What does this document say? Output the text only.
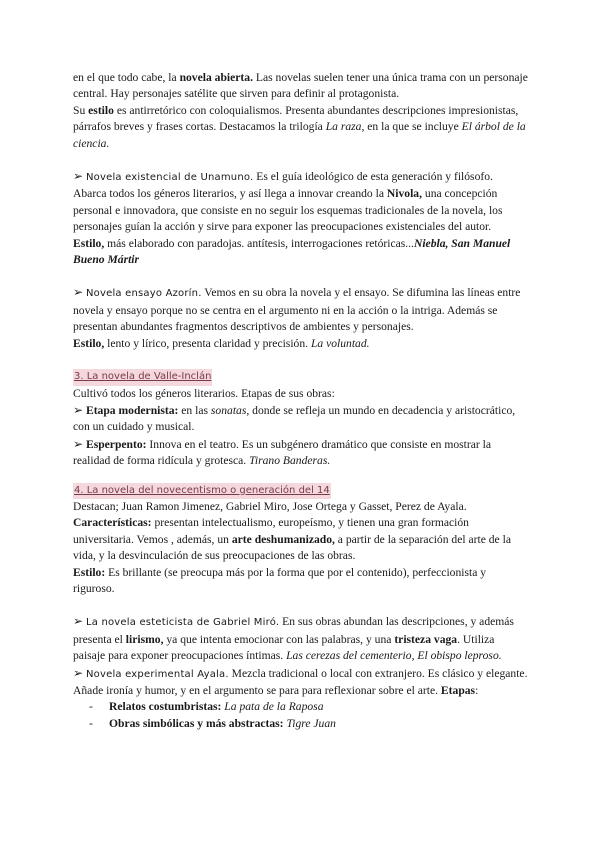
en el que todo cabe, la novela abierta. Las novelas suelen tener una única trama con un personaje central. Hay personajes satélite que sirven para definir al protagonista.
Su estilo es antirretórico con coloquialismos. Presenta abundantes descripciones impresionistas, párrafos breves y frases cortas. Destacamos la trilogía La raza, en la que se incluye El árbol de la ciencia.

➢ Novela existencial de Unamuno. Es el guía ideológico de esta generación y filósofo. Abarca todos los géneros literarios, y así llega a innovar creando la Nivola, una concepción personal e innovadora, que consiste en no seguir los esquemas tradicionales de la novela, los personajes guían la acción y sirve para exponer las preocupaciones existenciales del autor.
Estilo, más elaborado con paradojas. antítesis, interrogaciones retóricas...Niebla, San Manuel Bueno Mártir

➢ Novela ensayo Azorín. Vemos en su obra la novela y el ensayo. Se difumina las líneas entre novela y ensayo porque no se centra en el argumento ni en la acción o la intriga. Además se presentan abundantes fragmentos descriptivos de ambientes y personajes.
Estilo, lento y lírico, presenta claridad y precisión. La voluntad.

3. La novela de Valle-Inclán
Cultivó todos los géneros literarios. Etapas de sus obras:
➢ Etapa modernista: en las sonatas, donde se refleja un mundo en decadencia y aristocrático, con un cuidado y musical.
➢ Esperpento: Innova en el teatro. Es un subgénero dramático que consiste en mostrar la realidad de forma ridícula y grotesca. Tirano Banderas.

4. La novela del novecentismo o generación del 14
Destacan; Juan Ramon Jimenez, Gabriel Miro, Jose Ortega y Gasset, Perez de Ayala.
Características: presentan intelectualismo, europeísmo, y tienen una gran formación universitaria. Vemos , además, un arte deshumanizado, a partir de la separación del arte de la vida, y la desvinculación de sus preocupaciones de las obras.
Estilo: Es brillante (se preocupa más por la forma que por el contenido), perfeccionista y riguroso.

➢ La novela esteticista de Gabriel Miró. En sus obras abundan las descripciones, y además presenta el lirismo, ya que intenta emocionar con las palabras, y una tristeza vaga. Utiliza paisaje para exponer preocupaciones íntimas. Las cerezas del cementerio, El obispo leproso.
➢ Novela experimental Ayala. Mezcla tradicional o local con extranjero. Es clásico y elegante. Añade ironía y humor, y en el argumento se para para reflexionar sobre el arte. Etapas:

- Relatos costumbristas: La pata de la Raposa
- Obras simbólicas y más abstractas: Tigre Juan
